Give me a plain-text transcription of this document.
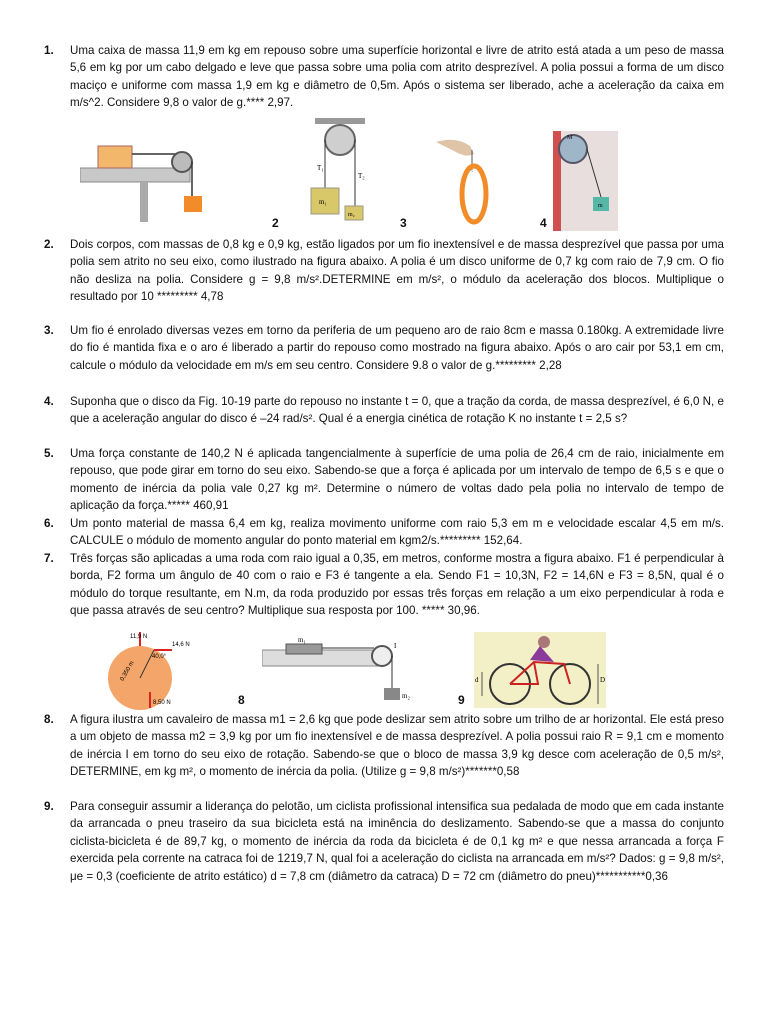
1. Uma caixa de massa 11,9 em kg em repouso sobre uma superfície horizontal e livre de atrito está atada a um peso de massa 5,6 em kg por um cabo delgado e leve que passa sobre uma polia com atrito desprezível. A polia possui a forma de um disco maciço e uniforme com massa 1,9 em kg e diâmetro de 0,5m. Após o sistema ser liberado, ache a aceleração da caixa em m/s^2. Considere 9,8 o valor de g.**** 2,97.
T₁
T₂
m₁
m₂
2	3
M
m
4
2. Dois corpos, com massas de 0,8 kg e 0,9 kg, estão ligados por um fio inextensível e de massa desprezível que passa por uma polia sem atrito no seu eixo, como ilustrado na figura abaixo. A polia é um disco uniforme de 0,7 kg com raio de 7,9 cm. O fio não desliza na polia. Considere g = 9,8 m/s².DETERMINE em m/s², o módulo da aceleração dos blocos. Multiplique o resultado por 10 ********* 4,78
3. Um fio é enrolado diversas vezes em torno da periferia de um pequeno aro de raio 8cm e massa 0.180kg. A extremidade livre do fio é mantida fixa e o aro é liberado a partir do repouso como mostrado na figura abaixo. Após o aro cair por 53,1 em cm, calcule o módulo da velocidade em m/s em seu centro. Considere 9.8 o valor de g.********* 2,28
4. Suponha que o disco da Fig. 10-19 parte do repouso no instante t = 0, que a tração da corda, de massa desprezível, é 6,0 N, e que a aceleração angular do disco é –24 rad/s². Qual é a energia cinética de rotação K no instante t = 2,5 s?
5. Uma força constante de 140,2 N é aplicada tangencialmente à superfície de uma polia de 26,4 cm de raio, inicialmente em repouso, que pode girar em torno do seu eixo. Sabendo-se que a força é aplicada por um intervalo de tempo de 6,5 s e que o momento de inércia da polia vale 0,27 kg m². Determine o número de voltas dado pela polia no intervalo de tempo de aplicação da força.***** 460,91
6. Um ponto material de massa 6,4 em kg, realiza movimento uniforme com raio 5,3 em m e velocidade escalar 4,5 em m/s. CALCULE o módulo de momento angular do ponto material em kgm2/s.********* 152,64.
7. Três forças são aplicadas a uma roda com raio igual a 0,35, em metros, conforme mostra a figura abaixo. F1 é perpendicular à borda, F2 forma um ângulo de 40 com o raio e F3 é tangente a ela. Sendo F1 = 10,3N, F2 = 14,6N e F3 = 8,5N, qual é o módulo do torque resultante, em N.m, da roda produzido por essas três forças em relação a um eixo perpendicular à roda e que passa através de seu centro? Multiplique sua resposta por 100. ***** 30,96.
11,9 N
14,6 N
8,50 N
40,0°
0,350 m
m₁
m₂
I
8
d	D
9
8. A figura ilustra um cavaleiro de massa m1 = 2,6 kg que pode deslizar sem atrito sobre um trilho de ar horizontal. Ele está preso a um objeto de massa m2 = 3,9 kg por um fio inextensível e de massa desprezível. A polia possui raio R = 9,1 cm e momento de inércia I em torno do seu eixo de rotação. Sabendo-se que o bloco de massa 3,9 kg desce com aceleração de 0,5 m/s², DETERMINE, em kg m², o momento de inércia da polia. (Utilize g = 9,8 m/s²)*******0,58
9. Para conseguir assumir a liderança do pelotão, um ciclista profissional intensifica sua pedalada de modo que em cada instante da arrancada o pneu traseiro da sua bicicleta está na iminência do deslizamento. Sabendo-se que a massa do conjunto ciclista-bicicleta é de 89,7 kg, o momento de inércia da roda da bicicleta é de 0,1 kg m² e que nessa arrancada a força F exercida pela corrente na catraca foi de 1219,7 N, qual foi a aceleração do ciclista na arrancada em m/s²? Dados: g = 9,8 m/s², μe = 0,3 (coeficiente de atrito estático) d = 7,8 cm (diâmetro da catraca) D = 72 cm (diâmetro do pneu)***********0,36
